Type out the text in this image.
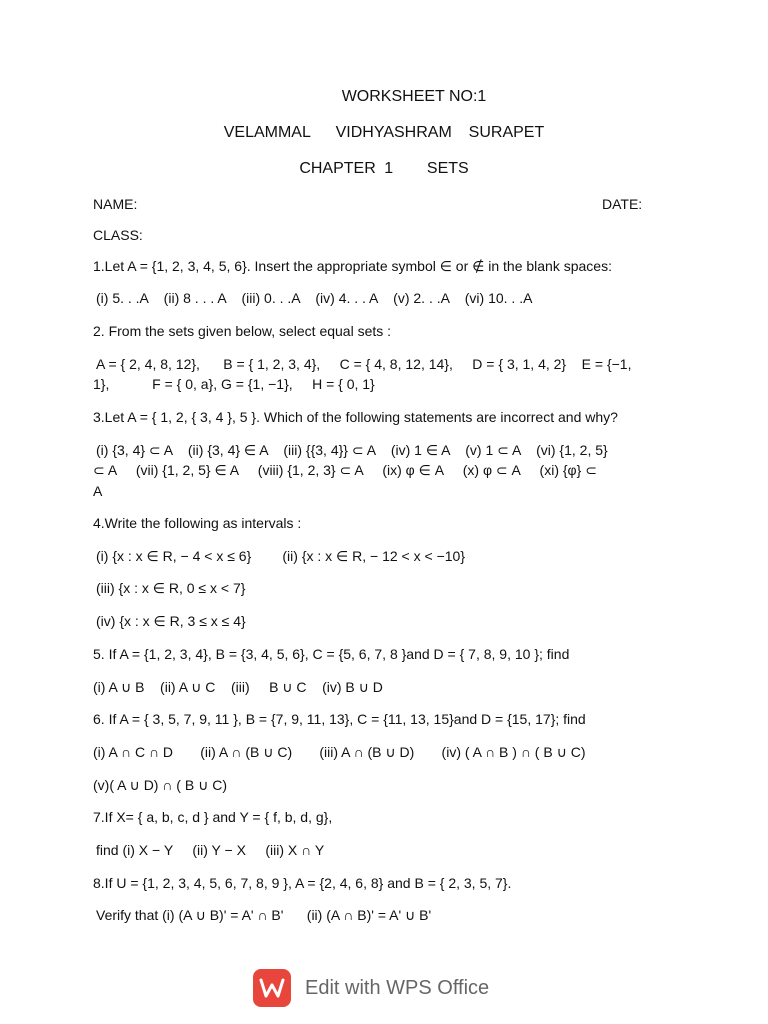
WORKSHEET NO:1
VELAMMAL   VIDHYASHRAM  SURAPET
CHAPTER 1    SETS
NAME:	DATE:
CLASS:
1.Let A = {1, 2, 3, 4, 5, 6}. Insert the appropriate symbol ∈ or ∉ in the blank spaces:
(i) 5. . .A    (ii) 8 . . . A    (iii) 0. . .A    (iv) 4. . . A    (v) 2. . .A    (vi) 10. . .A
2. From the sets given below, select equal sets :
A = { 2, 4, 8, 12},      B = { 1, 2, 3, 4},     C = { 4, 8, 12, 14},     D = { 3, 1, 4, 2}    E = {−1,
1},           F = { 0, a}, G = {1, −1},     H = { 0, 1}
3.Let A = { 1, 2, { 3, 4 }, 5 }. Which of the following statements are incorrect and why?
(i) {3, 4} ⊂ A    (ii) {3, 4} ∈ A    (iii) {{3, 4}} ⊂ A    (iv) 1 ∈ A    (v) 1 ⊂ A    (vi) {1, 2, 5}
⊂ A     (vii) {1, 2, 5} ∈ A     (viii) {1, 2, 3} ⊂ A     (ix) φ ∈ A     (x) φ ⊂ A     (xi) {φ} ⊂
A
4.Write the following as intervals :
(i) {x : x ∈ R, − 4 < x ≤ 6}        (ii) {x : x ∈ R, − 12 < x < −10}
(iii) {x : x ∈ R, 0 ≤ x < 7}
(iv) {x : x ∈ R, 3 ≤ x ≤ 4}
5. If A = {1, 2, 3, 4}, B = {3, 4, 5, 6}, C = {5, 6, 7, 8 }and D = { 7, 8, 9, 10 }; find
(i) A ∪ B    (ii) A ∪ C    (iii)     B ∪ C    (iv) B ∪ D
6. If A = { 3, 5, 7, 9, 11 }, B = {7, 9, 11, 13}, C = {11, 13, 15}and D = {15, 17}; find
(i) A ∩ C ∩ D       (ii) A ∩ (B ∪ C)       (iii) A ∩ (B ∪ D)       (iv) ( A ∩ B ) ∩ ( B ∪ C)
(v)( A ∪ D) ∩ ( B ∪ C)
7.If X= { a, b, c, d } and Y = { f, b, d, g},
find (i) X − Y     (ii) Y − X     (iii) X ∩ Y
8.If U = {1, 2, 3, 4, 5, 6, 7, 8, 9 }, A = {2, 4, 6, 8} and B = { 2, 3, 5, 7}.
Verify that (i) (A ∪ B)' = A' ∩ B'      (ii) (A ∩ B)' = A' ∪ B'
Edit with WPS Office
